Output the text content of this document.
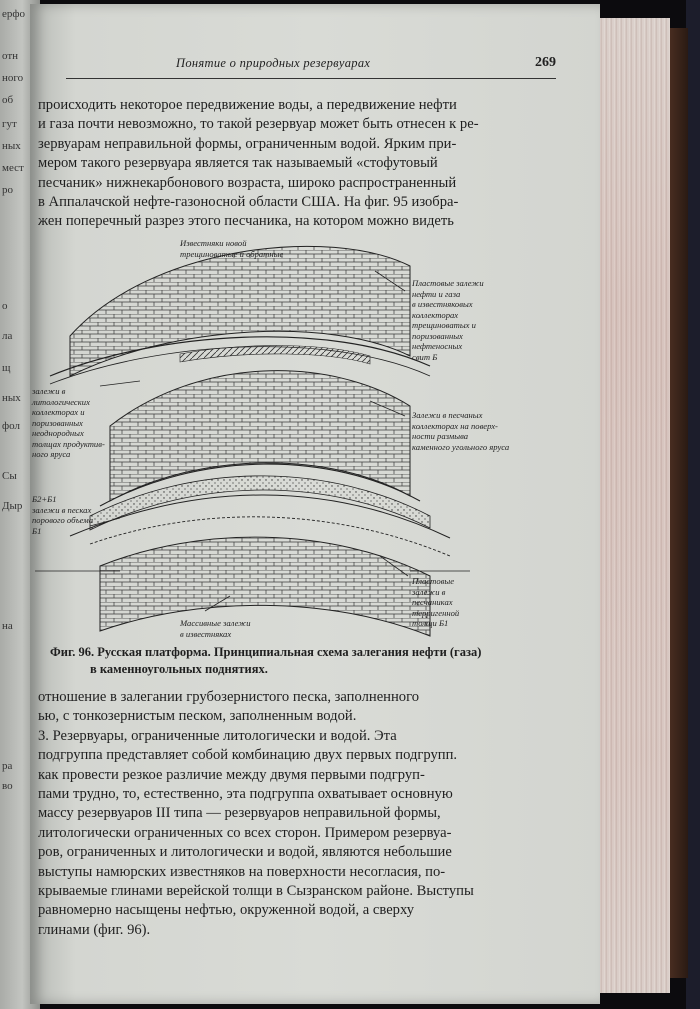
ерфо
отн
ного
об
гут
ных
мест
ро
о
ла
щ
ных
фол
Сы
Дыр
на
ра
во
Понятие о природных резервуарах	269
происходить некоторое передвижение воды, а передвижение нефти
и газа почти невозможно, то такой резервуар может быть отнесен к ре-
зервуарам неправильной формы, ограниченным водой. Ярким при-
мером такого резервуара является так называемый «стофутовый
песчаник» нижнекарбонового возраста, широко распространенный
в Аппалачской нефте-газоносной области США. На фиг. 95 изобра-
жен поперечный разрез этого песчаника, на котором можно видеть
Известняки новой
трещиноватые и обратные
Пластовые залежи
нефти и газа
в известняковых
коллекторах
трещиноватых и
поризованных
нефтеносных
свит Б
Залежи в песчаных
коллекторах на поверх-
ности размыва
каменного угольного яруса
залежи в
литологических
коллекторах и
поризованных
неоднородных
толщах продуктив-
ного яруса
Б2+Б1
залежи в песках
порового объема
Б1
Пластовые
залежи в
песчаниках
терригенной
толщи Б1
Массивные залежи
в известняках
Фиг. 96. Русская платформа. Принципиальная схема залегания нефти (газа)
в каменноугольных поднятиях.
отношение в залегании грубозернистого песка, заполненного
ью, с тонкозернистым песком, заполненным водой.
3. Резервуары, ограниченные литологически и водой. Эта
подгруппа представляет собой комбинацию двух первых подгрупп.
как провести резкое различие между двумя первыми подгруп-
пами трудно, то, естественно, эта подгруппа охватывает основную
массу резервуаров III типа — резервуаров неправильной формы,
литологически ограниченных со всех сторон. Примером резервуа-
ров, ограниченных и литологически и водой, являются небольшие
выступы намюрских известняков на поверхности несогласия, по-
крываемые глинами верейской толщи в Сызранском районе. Выступы
равномерно насыщены нефтью, окруженной водой, а сверху
глинами (фиг. 96).
